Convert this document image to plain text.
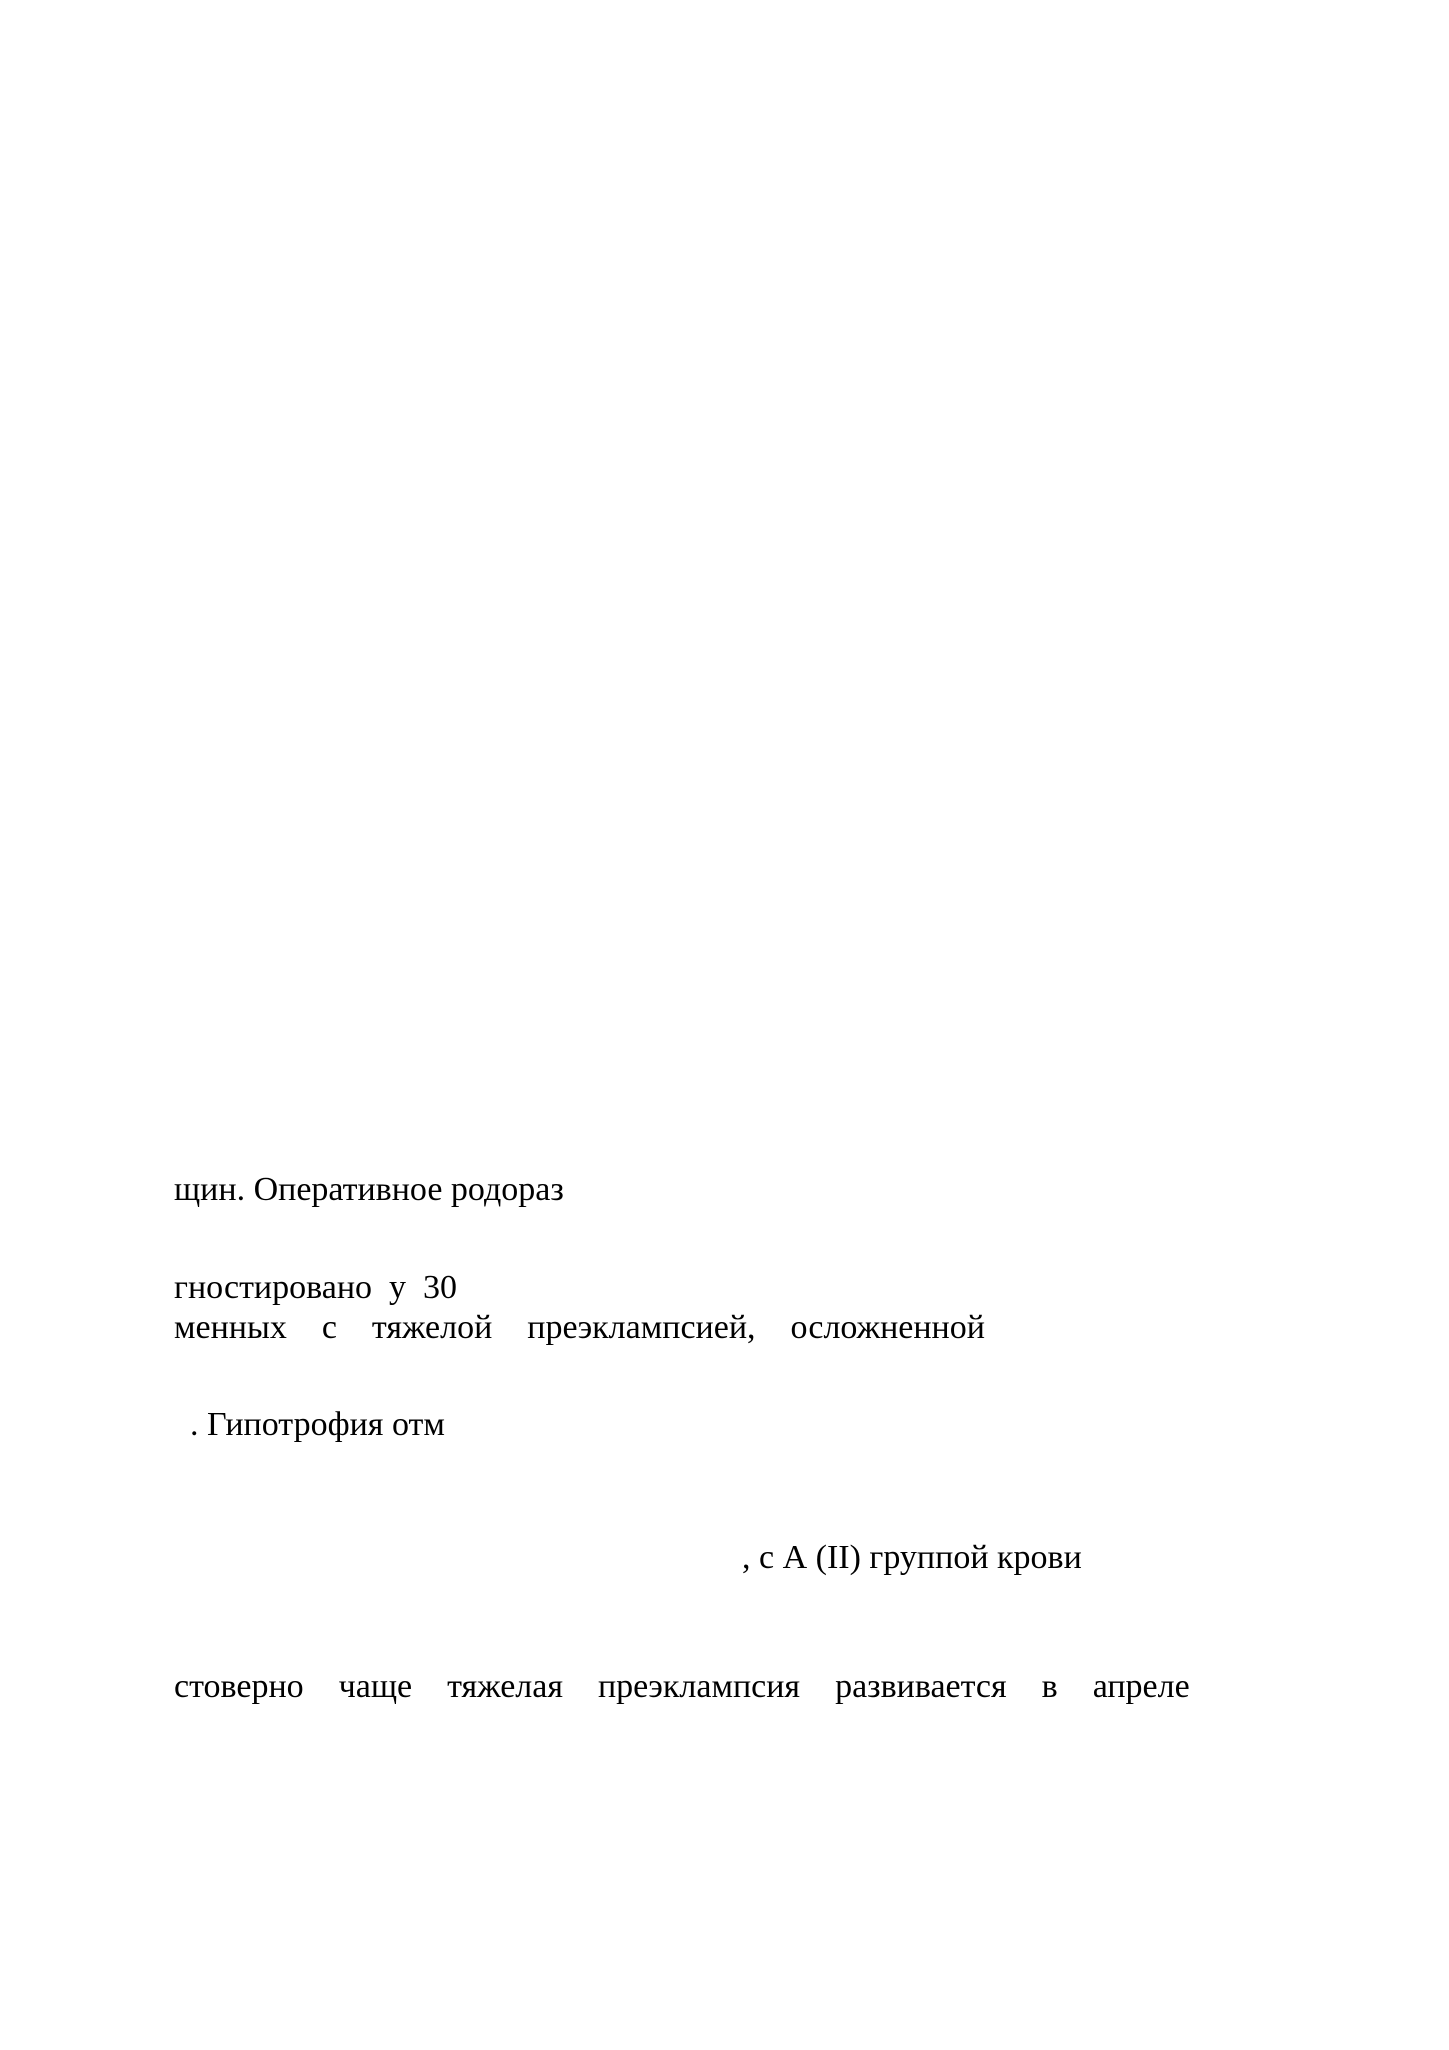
щин. Оперативное родораз

гностировано  у  30

менных  с  тяжелой  преэклампсией,  осложненной

. Гипотрофия отм

, с А (II) группой крови

стоверно  чаще  тяжелая  преэклампсия  развивается  в  апреле
